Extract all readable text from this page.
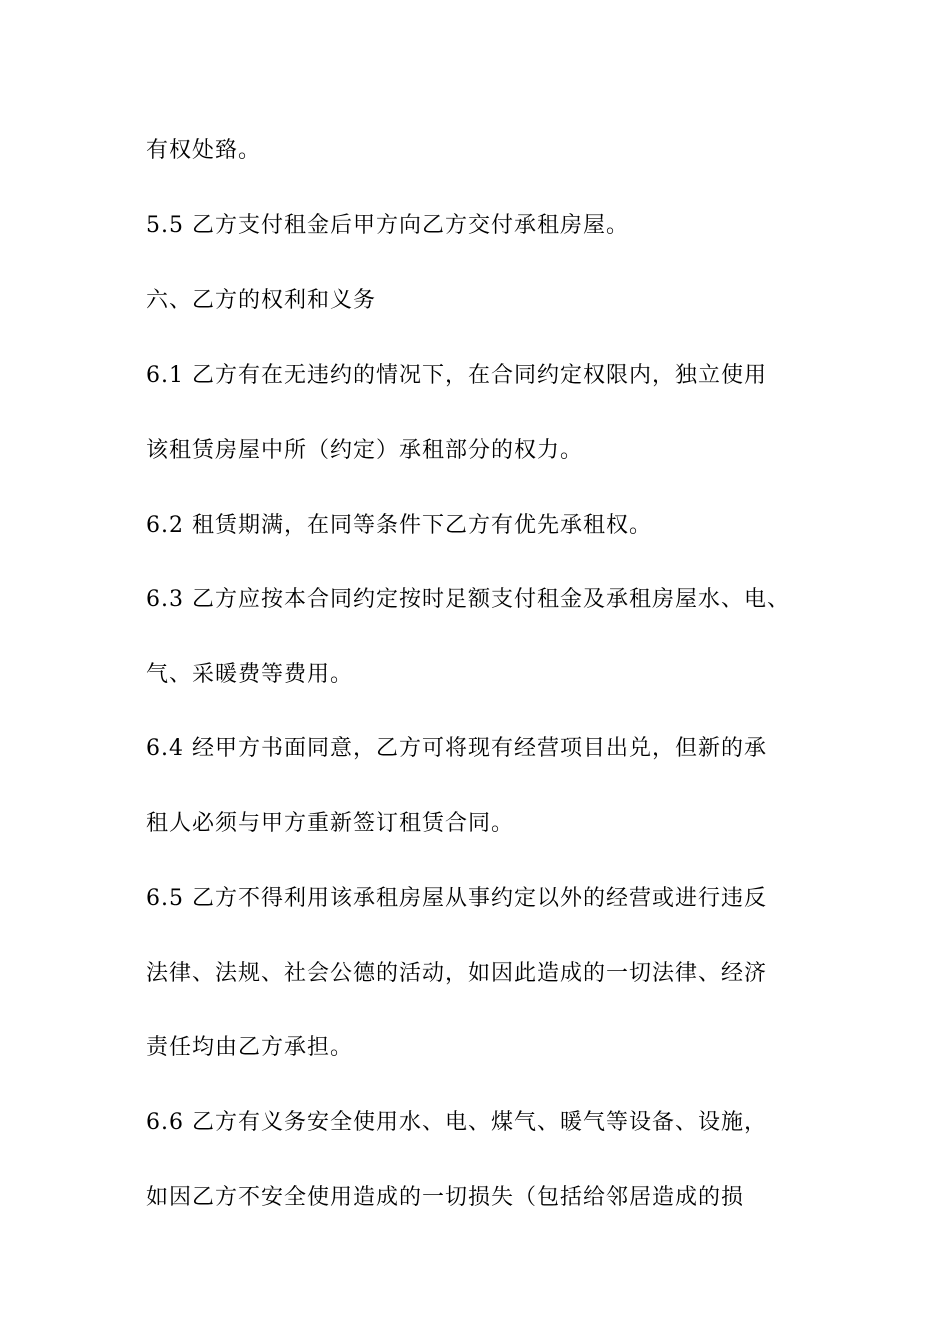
有权处臵。
5.5 乙方支付租金后甲方向乙方交付承租房屋。
六、乙方的权利和义务
6.1 乙方有在无违约的情况下，在合同约定权限内，独立使用
该租赁房屋中所（约定）承租部分的权力。
6.2 租赁期满，在同等条件下乙方有优先承租权。
6.3 乙方应按本合同约定按时足额支付租金及承租房屋水、电、
气、采暖费等费用。
6.4 经甲方书面同意，乙方可将现有经营项目出兑，但新的承
租人必须与甲方重新签订租赁合同。
6.5 乙方不得利用该承租房屋从事约定以外的经营或进行违反
法律、法规、社会公德的活动，如因此造成的一切法律、经济
责任均由乙方承担。
6.6 乙方有义务安全使用水、电、煤气、暖气等设备、设施，
如因乙方不安全使用造成的一切损失（包括给邻居造成的损
